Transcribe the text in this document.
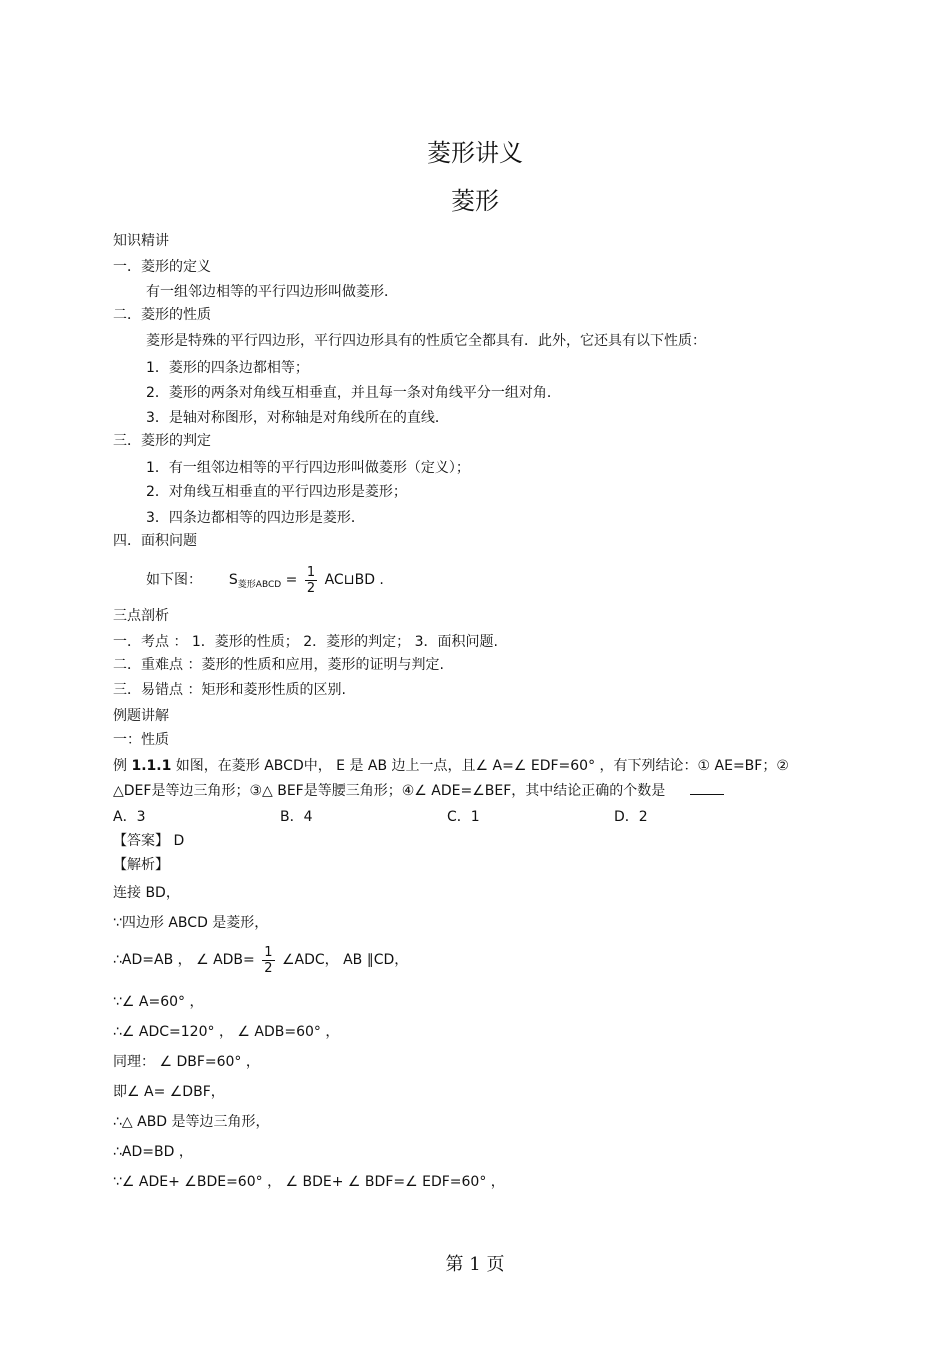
菱形讲义
菱形
知识精讲
一．菱形的定义
有一组邻边相等的平行四边形叫做菱形．
二．菱形的性质
菱形是特殊的平行四边形，平行四边形具有的性质它全都具有．此外，它还具有以下性质：
1．菱形的四条边都相等；
2．菱形的两条对角线互相垂直，并且每一条对角线平分一组对角．
3．是轴对称图形，对称轴是对角线所在的直线．
三．菱形的判定
1．有一组邻边相等的平行四边形叫做菱形（定义）；
2．对角线互相垂直的平行四边形是菱形；
3．四条边都相等的四边形是菱形．
四．面积问题
如下图： $S_{菱形ABCD} = \frac{1}{2}$ AC⊔BD .
三点剖析
一．考点 ： 1．菱形的性质； 2．菱形的判定； 3．面积问题.
二．重难点 ：菱形的性质和应用，菱形的证明与判定.
三．易错点 ：矩形和菱形性质的区别.
例题讲解
一：性质
例 1.1.1 如图，在菱形 ABCD中， E 是 AB 边上一点，且∠ A=∠ EDF=60° ，有下列结论：① AE=BF；②
△DEF是等边三角形；③△ BEF是等腰三角形；④∠ ADE=∠BEF，其中结论正确的个数是
A．3	B．4	C．1	D．2
【答案】 D
【解析】
连接 BD，
∵四边形 ABCD 是菱形，
∴AD=AB ， ∠ $ADB= \frac{1}{2}$ ∠ADC， AB ∥CD，
∵∠ A=60° ，
∴∠ ADC=120° ， ∠ ADB=60° ，
同理： ∠ DBF=60° ，
即∠ A= ∠DBF，
∴△ ABD 是等边三角形，
∴AD=BD ，
∵∠ ADE+ ∠BDE=60° ， ∠ BDE+ ∠ BDF=∠ EDF=60° ，
第 1 页
